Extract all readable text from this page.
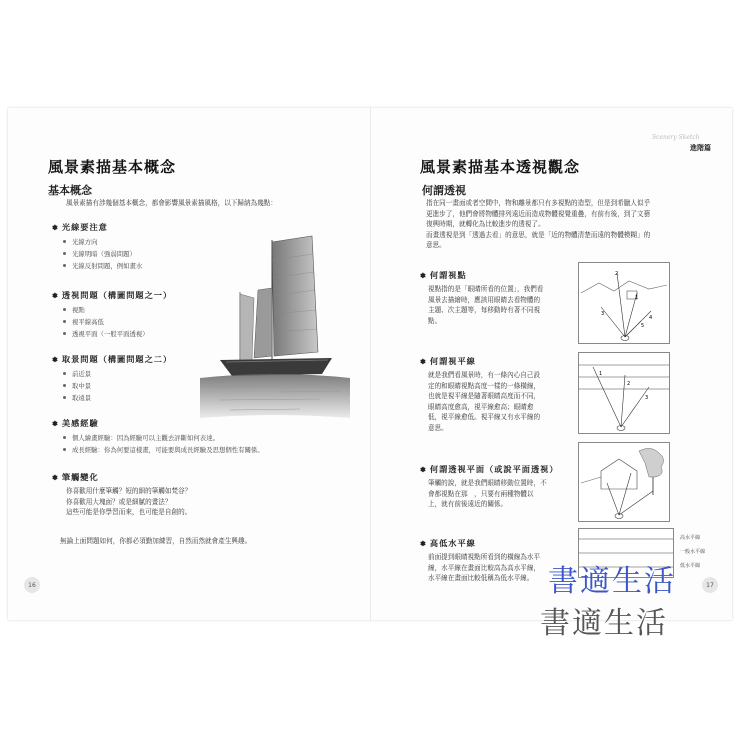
風景素描基本概念
基本概念
風景素描有涉幾個基本概念，都會影響風景素描風格，以下歸納為幾點：
✽ 光線要注意
光線方向
光線明暗（強弱問題）
光線反射問題，例如畫水
✽ 透視問題（構圖問題之一）
視點
視平線高低
透視平面（一般平面透視）
✽ 取景問題（構圖問題之二）
前近景
取中景
取遠景
✽ 美感經驗
個人繪畫經驗：因為經驗可以主觀去評斷如何表達。
成長經驗：你為何要這樣畫，可能要與成長經驗及思想個性有關係。
✽ 筆觸變化
你喜歡用什麼筆觸？短的細的筆觸如梵谷？
你喜歡用大塊面？或是細膩的畫法？
這些可能是你學習而來，也可能是自創的。
無論上面問題如何，你都必須勤加練習，自然而然就會產生興趣。
16
Scenery Sketch
進階篇
風景素描基本透視觀念
何謂透視
指在同一畫面或者空間中，物和離景都只有多視點的造型，但是到希臘人似乎
更進步了，他們會將物體排列遠近而造成物體視覺重疊，有前有後，到了文藝
復興時期，就轉化為比較進步的透視了。
而畫透視是到「透過去看」的意思，就是「近的物體清楚而遠的物體模糊」的
意思。
✽ 何謂視點
視點指的是「眼睛所看的位置」，我們看
風景去描繪時，應該用眼睛去看物體的
主題、次主題等，每移動時有著不同視
點。
2
1
3
4
5
✽ 何謂視平線
就是我們看風景時，有一條內心自己設
定的和眼睛視點高度一樣的一條橫線，
也就是視平線是隨著眼睛高度而不同，
眼睛高度愈高，視平線愈高；眼睛愈
低，視平線愈低。視平線又有水平線的
意思。
1
2
3
✽ 何謂透視平面（或說平面透視）
筆觸的說，就是我們眼睛移動位置時，不
會都視點在那　，只要有兩種物體以
上，就有前後遠近的關係。
✽ 高低水平線
前面提到眼睛視點所看到的橫線為水平
線，水平線在畫面比較高為高水平線，
水平線在畫面比較低稱為低水平線。
高水平線
一般水平線
低水平線
17
書適生活
書適生活
